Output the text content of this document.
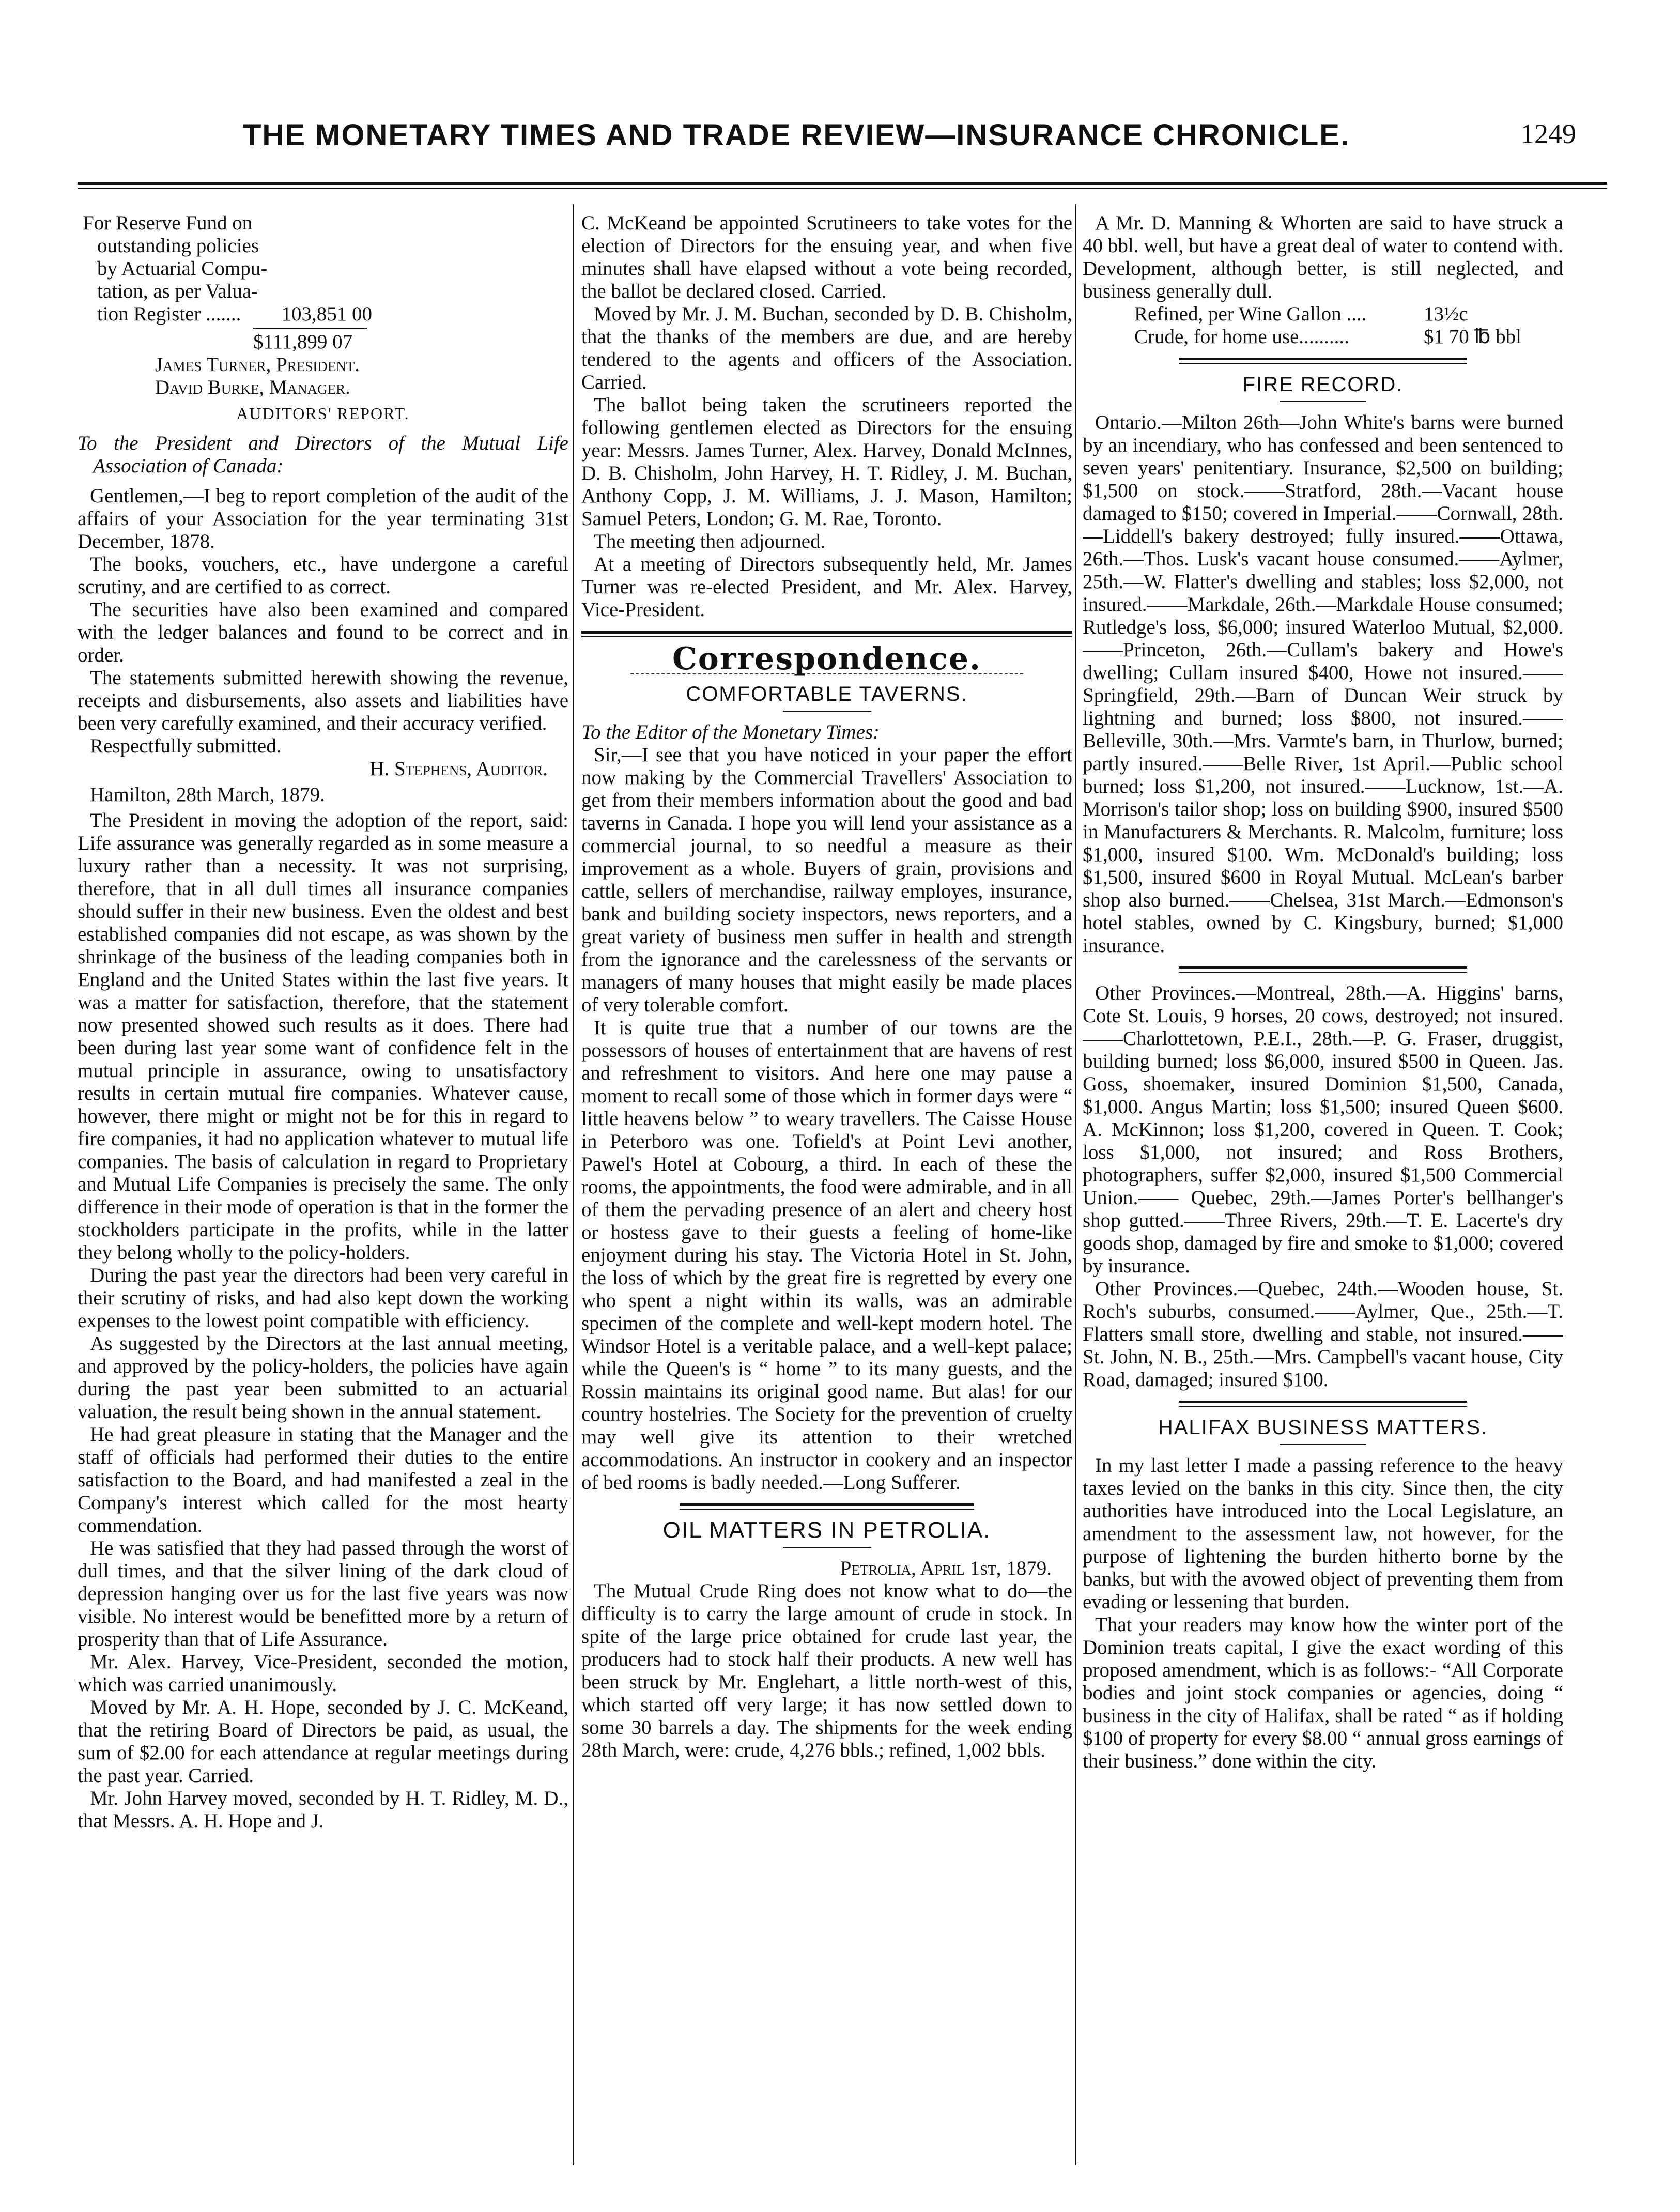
THE MONETARY TIMES AND TRADE REVIEW—INSURANCE CHRONICLE.	1249
For Reserve Fund on
outstanding policies
by Actuarial Compu-
tation, as per Valua-
tion Register ....... 103,851 00
$111,899 07
James Turner, President.
David Burke, Manager.
AUDITORS' REPORT.

To the President and Directors of the Mutual Life Association of Canada:

Gentlemen,—I beg to report completion of the audit of the affairs of your Association for the year terminating 31st December, 1878.

The books, vouchers, etc., have undergone a careful scrutiny, and are certified to as correct.

The securities have also been examined and compared with the ledger balances and found to be correct and in order.

The statements submitted herewith showing the revenue, receipts and disbursements, also assets and liabilities have been very carefully examined, and their accuracy verified.

Respectfully submitted.

H. Stephens, Auditor.

Hamilton, 28th March, 1879.

The President in moving the adoption of the report, said: Life assurance was generally regarded as in some measure a luxury rather than a necessity. It was not surprising, therefore, that in all dull times all insurance companies should suffer in their new business. Even the oldest and best established companies did not escape, as was shown by the shrinkage of the business of the leading companies both in England and the United States within the last five years. It was a matter for satisfaction, therefore, that the statement now presented showed such results as it does. There had been during last year some want of confidence felt in the mutual principle in assurance, owing to unsatisfactory results in certain mutual fire companies. Whatever cause, however, there might or might not be for this in regard to fire companies, it had no application whatever to mutual life companies. The basis of calculation in regard to Proprietary and Mutual Life Companies is precisely the same. The only difference in their mode of operation is that in the former the stockholders participate in the profits, while in the latter they belong wholly to the policy-holders.

During the past year the directors had been very careful in their scrutiny of risks, and had also kept down the working expenses to the lowest point compatible with efficiency.

As suggested by the Directors at the last annual meeting, and approved by the policy-holders, the policies have again during the past year been submitted to an actuarial valuation, the result being shown in the annual statement.

He had great pleasure in stating that the Manager and the staff of officials had performed their duties to the entire satisfaction to the Board, and had manifested a zeal in the Company's interest which called for the most hearty commendation.

He was satisfied that they had passed through the worst of dull times, and that the silver lining of the dark cloud of depression hanging over us for the last five years was now visible. No interest would be benefitted more by a return of prosperity than that of Life Assurance.

Mr. Alex. Harvey, Vice-President, seconded the motion, which was carried unanimously.

Moved by Mr. A. H. Hope, seconded by J. C. McKeand, that the retiring Board of Directors be paid, as usual, the sum of $2.00 for each attendance at regular meetings during the past year. Carried.

Mr. John Harvey moved, seconded by H. T. Ridley, M. D., that Messrs. A. H. Hope and J.

C. McKeand be appointed Scrutineers to take votes for the election of Directors for the ensuing year, and when five minutes shall have elapsed without a vote being recorded, the ballot be declared closed. Carried.

Moved by Mr. J. M. Buchan, seconded by D. B. Chisholm, that the thanks of the members are due, and are hereby tendered to the agents and officers of the Association. Carried.

The ballot being taken the scrutineers reported the following gentlemen elected as Directors for the ensuing year: Messrs. James Turner, Alex. Harvey, Donald McInnes, D. B. Chisholm, John Harvey, H. T. Ridley, J. M. Buchan, Anthony Copp, J. M. Williams, J. J. Mason, Hamilton; Samuel Peters, London; G. M. Rae, Toronto.

The meeting then adjourned.

At a meeting of Directors subsequently held, Mr. James Turner was re-elected President, and Mr. Alex. Harvey, Vice-President.

Correspondence.
COMFORTABLE TAVERNS.

To the Editor of the Monetary Times:

Sir,—I see that you have noticed in your paper the effort now making by the Commercial Travellers' Association to get from their members information about the good and bad taverns in Canada. I hope you will lend your assistance as a commercial journal, to so needful a measure as their improvement as a whole. Buyers of grain, provisions and cattle, sellers of merchandise, railway employes, insurance, bank and building society inspectors, news reporters, and a great variety of business men suffer in health and strength from the ignorance and the carelessness of the servants or managers of many houses that might easily be made places of very tolerable comfort.

It is quite true that a number of our towns are the possessors of houses of entertainment that are havens of rest and refreshment to visitors. And here one may pause a moment to recall some of those which in former days were “ little heavens below ” to weary travellers. The Caisse House in Peterboro was one. Tofield's at Point Levi another, Pawel's Hotel at Cobourg, a third. In each of these the rooms, the appointments, the food were admirable, and in all of them the pervading presence of an alert and cheery host or hostess gave to their guests a feeling of home-like enjoyment during his stay. The Victoria Hotel in St. John, the loss of which by the great fire is regretted by every one who spent a night within its walls, was an admirable specimen of the complete and well-kept modern hotel. The Windsor Hotel is a veritable palace, and a well-kept palace; while the Queen's is “ home ” to its many guests, and the Rossin maintains its original good name. But alas! for our country hostelries. The Society for the prevention of cruelty may well give its attention to their wretched accommodations. An instructor in cookery and an inspector of bed rooms is badly needed.—Long Sufferer.

OIL MATTERS IN PETROLIA.
Petrolia, April 1st, 1879.

The Mutual Crude Ring does not know what to do—the difficulty is to carry the large amount of crude in stock. In spite of the large price obtained for crude last year, the producers had to stock half their products. A new well has been struck by Mr. Englehart, a little north-west of this, which started off very large; it has now settled down to some 30 barrels a day. The shipments for the week ending 28th March, were: crude, 4,276 bbls.; refined, 1,002 bbls.

A Mr. D. Manning & Whorten are said to have struck a 40 bbl. well, but have a great deal of water to contend with. Development, although better, is still neglected, and business generally dull.

Refined, per Wine Gallon ....	13½c
Crude, for home use..........	$1 70 ℔ bbl
FIRE RECORD.

Ontario.—Milton 26th—John White's barns were burned by an incendiary, who has confessed and been sentenced to seven years' penitentiary. Insurance, $2,500 on building; $1,500 on stock.——Stratford, 28th.—Vacant house damaged to $150; covered in Imperial.——Cornwall, 28th.—Liddell's bakery destroyed; fully insured.——Ottawa, 26th.—Thos. Lusk's vacant house consumed.——Aylmer, 25th.—W. Flatter's dwelling and stables; loss $2,000, not insured.——Markdale, 26th.—Markdale House consumed; Rutledge's loss, $6,000; insured Waterloo Mutual, $2,000.——Princeton, 26th.—Cullam's bakery and Howe's dwelling; Cullam insured $400, Howe not insured.——Springfield, 29th.—Barn of Duncan Weir struck by lightning and burned; loss $800, not insured.——Belleville, 30th.—Mrs. Varmte's barn, in Thurlow, burned; partly insured.——Belle River, 1st April.—Public school burned; loss $1,200, not insured.——Lucknow, 1st.—A. Morrison's tailor shop; loss on building $900, insured $500 in Manufacturers & Merchants. R. Malcolm, furniture; loss $1,000, insured $100. Wm. McDonald's building; loss $1,500, insured $600 in Royal Mutual. McLean's barber shop also burned.——Chelsea, 31st March.—Edmonson's hotel stables, owned by C. Kingsbury, burned; $1,000 insurance.

Other Provinces.—Montreal, 28th.—A. Higgins' barns, Cote St. Louis, 9 horses, 20 cows, destroyed; not insured.——Charlottetown, P.E.I., 28th.—P. G. Fraser, druggist, building burned; loss $6,000, insured $500 in Queen. Jas. Goss, shoemaker, insured Dominion $1,500, Canada, $1,000. Angus Martin; loss $1,500; insured Queen $600. A. McKinnon; loss $1,200, covered in Queen. T. Cook; loss $1,000, not insured; and Ross Brothers, photographers, suffer $2,000, insured $1,500 Commercial Union.—— Quebec, 29th.—James Porter's bellhanger's shop gutted.——Three Rivers, 29th.—T. E. Lacerte's dry goods shop, damaged by fire and smoke to $1,000; covered by insurance.

Other Provinces.—Quebec, 24th.—Wooden house, St. Roch's suburbs, consumed.——Aylmer, Que., 25th.—T. Flatters small store, dwelling and stable, not insured.——St. John, N. B., 25th.—Mrs. Campbell's vacant house, City Road, damaged; insured $100.

HALIFAX BUSINESS MATTERS.

In my last letter I made a passing reference to the heavy taxes levied on the banks in this city. Since then, the city authorities have introduced into the Local Legislature, an amendment to the assessment law, not however, for the purpose of lightening the burden hitherto borne by the banks, but with the avowed object of preventing them from evading or lessening that burden.

That your readers may know how the winter port of the Dominion treats capital, I give the exact wording of this proposed amendment, which is as follows:- “All Corporate bodies and joint stock companies or agencies, doing “ business in the city of Halifax, shall be rated “ as if holding $100 of property for every $8.00 “ annual gross earnings of their business.” done within the city.
